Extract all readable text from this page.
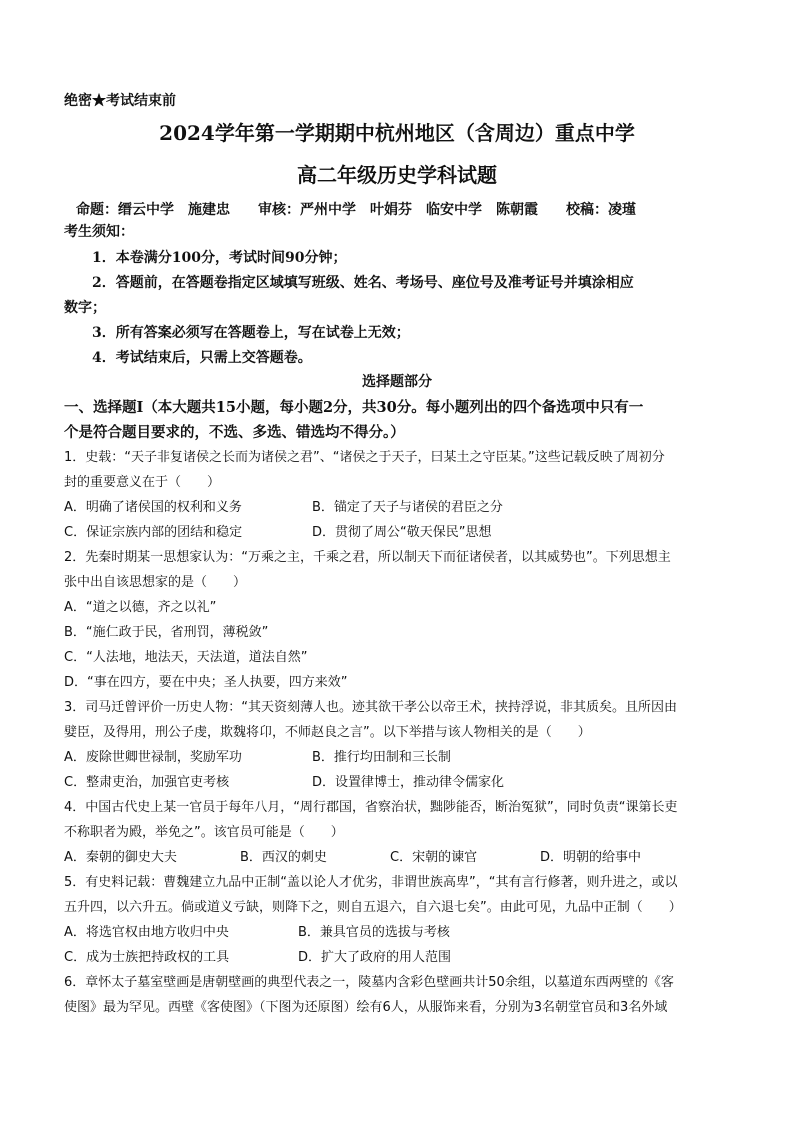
绝密★考试结束前
2024学年第一学期期中杭州地区（含周边）重点中学
高二年级历史学科试题
命题：缙云中学　施建忠　　审核：严州中学　叶娟芬　临安中学　陈朝霞　　校稿：凌瑾
考生须知：
1．本卷满分100分，考试时间90分钟；
2．答题前，在答题卷指定区域填写班级、姓名、考场号、座位号及准考证号并填涂相应
数字；
3．所有答案必须写在答题卷上，写在试卷上无效；
4．考试结束后，只需上交答题卷。
选择题部分
一、选择题Ⅰ（本大题共15小题，每小题2分，共30分。每小题列出的四个备选项中只有一
个是符合题目要求的，不选、多选、错选均不得分。）
1．史载：“天子非复诸侯之长而为诸侯之君”、“诸侯之于天子，曰某土之守臣某。”这些记载反映了周初分
封的重要意义在于（　　）
A．明确了诸侯国的权利和义务	B．锚定了天子与诸侯的君臣之分
C．保证宗族内部的团结和稳定	D．贯彻了周公“敬天保民”思想
2．先秦时期某一思想家认为：“万乘之主，千乘之君，所以制天下而征诸侯者，以其威势也”。下列思想主
张中出自该思想家的是（　　）
A．“道之以德，齐之以礼”
B．“施仁政于民，省刑罚，薄税敛”
C．“人法地，地法天，天法道，道法自然”
D．“事在四方，要在中央；圣人执要，四方来效”
3．司马迁曾评价一历史人物：“其天资刻薄人也。迹其欲干孝公以帝王术，挟持浮说，非其质矣。且所因由
嬖臣，及得用，刑公子虔，欺魏将卬，不师赵良之言”。以下举措与该人物相关的是（　　）
A．废除世卿世禄制，奖励军功	B．推行均田制和三长制
C．整肃吏治，加强官吏考核	D．设置律博士，推动律令儒家化
4．中国古代史上某一官员于每年八月，“周行郡国，省察治状，黜陟能否，断治冤狱”，同时负责“课第长吏
不称职者为殿，举免之”。该官员可能是（　　）
A．秦朝的御史大夫	B．西汉的刺史	C．宋朝的谏官	D．明朝的给事中
5．有史料记载：曹魏建立九品中正制“盖以论人才优劣，非谓世族高卑”，“其有言行修著，则升进之，或以
五升四，以六升五。倘或道义亏缺，则降下之，则自五退六，自六退七矣”。由此可见，九品中正制（　　）
A．将选官权由地方收归中央	B．兼具官员的选拔与考核
C．成为士族把持政权的工具	D．扩大了政府的用人范围
6．章怀太子墓室壁画是唐朝壁画的典型代表之一，陵墓内含彩色壁画共计50余组，以墓道东西两壁的《客
使图》最为罕见。西壁《客使图》（下图为还原图）绘有6人，从服饰来看，分别为3名朝堂官员和3名外域
